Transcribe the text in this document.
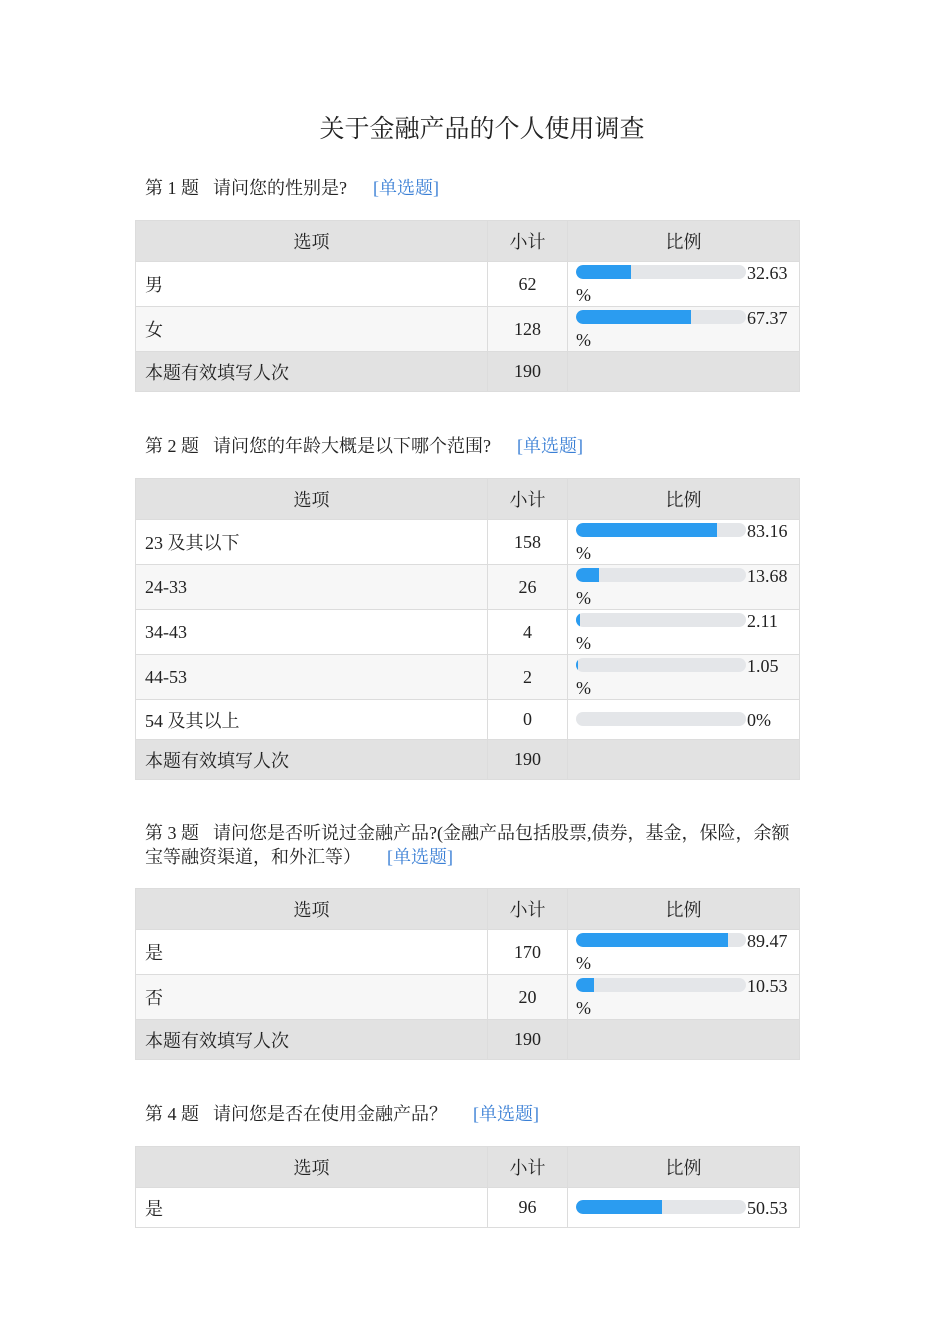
关于金融产品的个人使用调查
第 1 题 请问您的性别是? [单选题]
选项	小计	比例
男	62	32.63
%

女	128	67.37
%

本题有效填写人次	190	
第 2 题 请问您的年龄大概是以下哪个范围? [单选题]
选项	小计	比例
23 及其以下	158	83.16
%

24-33	26	13.68
%

34-43	4	2.11
%

44-53	2	1.05
%

54 及其以上	0	0%

本题有效填写人次	190	
第 3 题 请问您是否听说过金融产品?(金融产品包括股票,债券，基金，保险，余额宝等融资渠道，和外汇等） [单选题]
选项	小计	比例
是	170	89.47
%

否	20	10.53
%

本题有效填写人次	190	
第 4 题 请问您是否在使用金融产品？ [单选题]
选项	小计	比例
是	96	50.53
